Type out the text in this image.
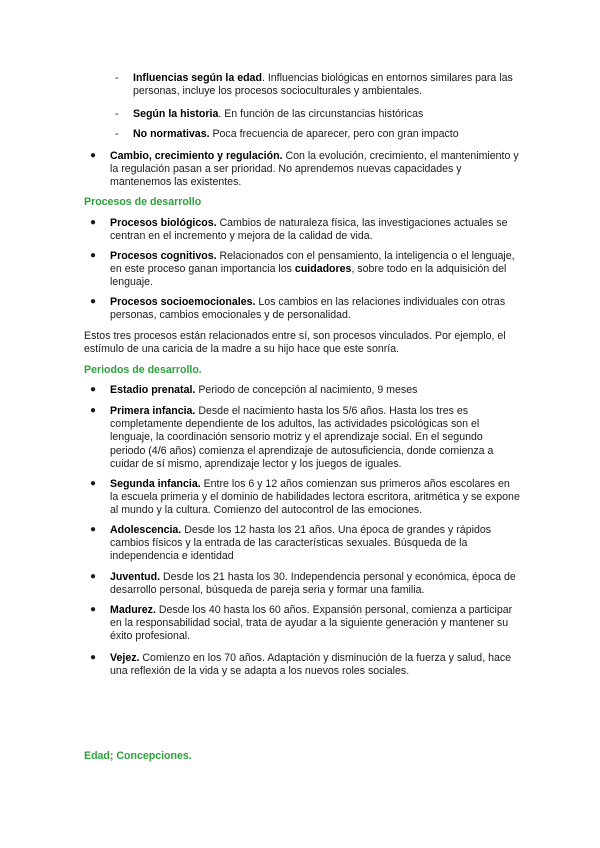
-	Influencias según la edad. Influencias biológicas en entornos similares para las personas, incluye los procesos socioculturales y ambientales.
-	Según la historia. En función de las circunstancias históricas
-	No normativas. Poca frecuencia de aparecer, pero con gran impacto
● Cambio, crecimiento y regulación. Con la evolución, crecimiento, el mantenimiento y la regulación pasan a ser prioridad. No aprendemos nuevas capacidades y mantenemos las existentes.
Procesos de desarrollo
● Procesos biológicos. Cambios de naturaleza física, las investigaciones actuales se centran en el incremento y mejora de la calidad de vida.
● Procesos cognitivos. Relacionados con el pensamiento, la inteligencia o el lenguaje, en este proceso ganan importancia los cuidadores, sobre todo en la adquisición del lenguaje.
● Procesos socioemocionales. Los cambios en las relaciones individuales con otras personas, cambios emocionales y de personalidad.
Estos tres procesos están relacionados entre sí, son procesos vinculados. Por ejemplo, el estímulo de una caricia de la madre a su hijo hace que este sonría.
Periodos de desarrollo.
● Estadio prenatal. Periodo de concepción al nacimiento, 9 meses
● Primera infancia. Desde el nacimiento hasta los 5/6 años. Hasta los tres es completamente dependiente de los adultos, las actividades psicológicas son el lenguaje, la coordinación sensorio motriz y el aprendizaje social. En el segundo periodo (4/6 años) comienza el aprendizaje de autosuficiencia, donde comienza a cuidar de sí mismo, aprendizaje lector y los juegos de iguales.
● Segunda infancia. Entre los 6 y 12 años comienzan sus primeros años escolares en la escuela primeria y el dominio de habilidades lectora escritora, aritmética y se expone al mundo y la cultura. Comienzo del autocontrol de las emociones.
● Adolescencia. Desde los 12 hasta los 21 años. Una época de grandes y rápidos cambios físicos y la entrada de las características sexuales. Búsqueda de la independencia e identidad
● Juventud. Desde los 21 hasta los 30. Independencia personal y económica, época de desarrollo personal, búsqueda de pareja seria y formar una familia.
● Madurez. Desde los 40 hasta los 60 años. Expansión personal, comienza a participar en la responsabilidad social, trata de ayudar a la siguiente generación y mantener su éxito profesional.
● Vejez. Comienzo en los 70 años. Adaptación y disminución de la fuerza y salud, hace una reflexión de la vida y se adapta a los nuevos roles sociales.
Edad; Concepciones.
